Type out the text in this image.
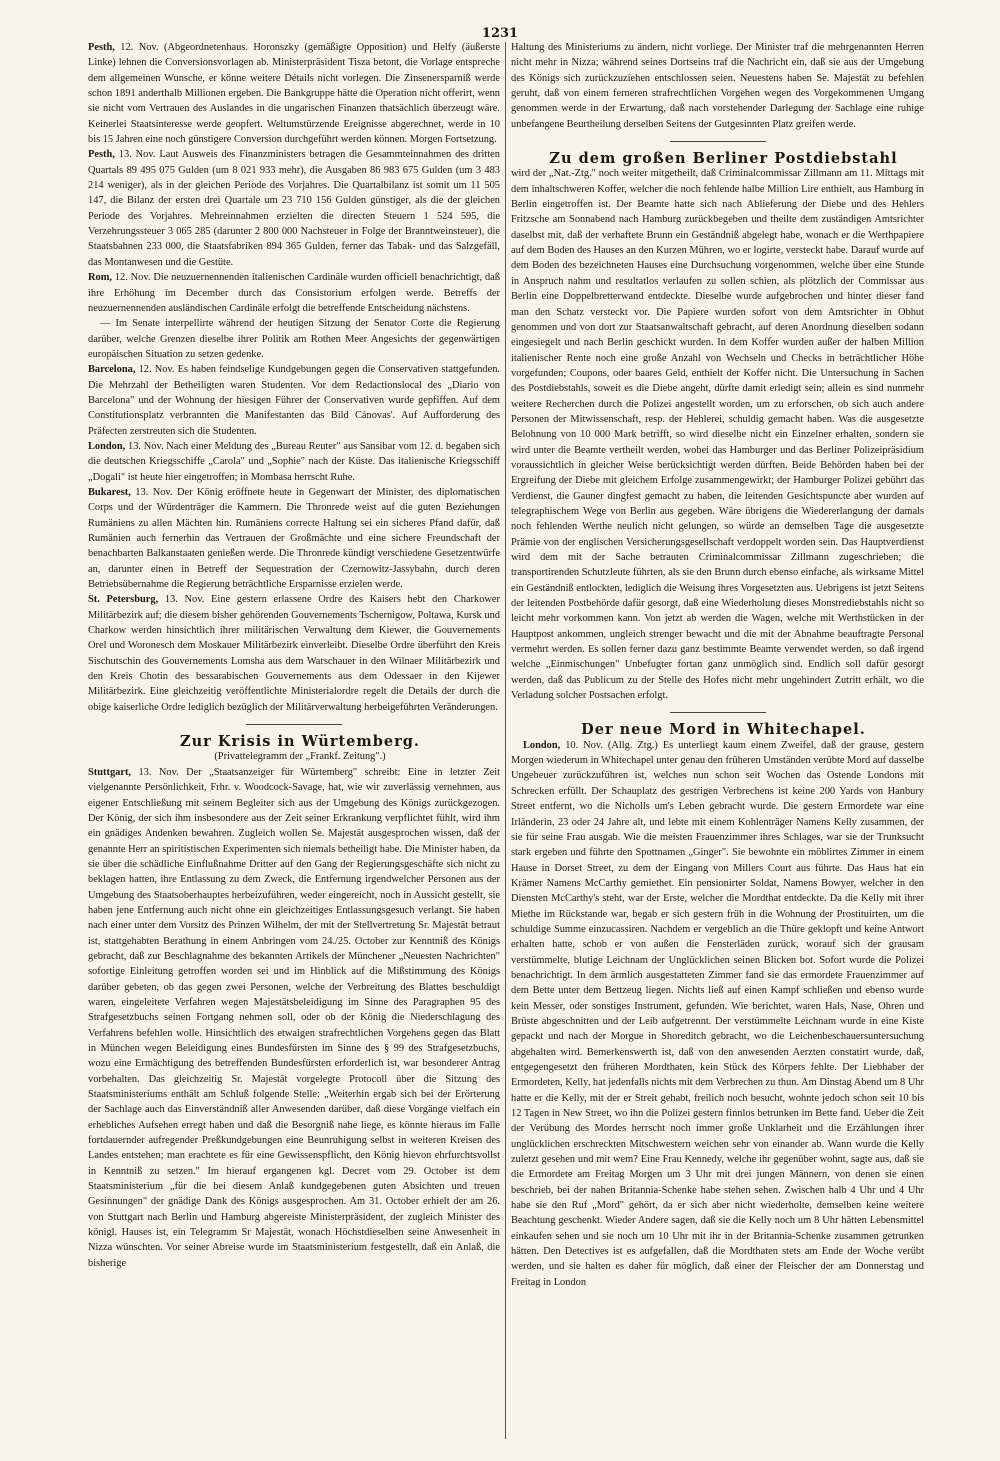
1231

Pesth, 12. Nov. (Abgeordnetenhaus. Horonszky (gemäßigte Opposition) und Helfy (äußerste Linke) lehnen die Conversionsvorlagen ab. Ministerpräsident Tisza betont, die Vorlage entspreche dem allgemeinen Wunsche, er könne weitere Détails nicht vorlegen. Die Zinsenersparniß werde schon 1891 anderthalb Millionen ergeben. Die Bankgruppe hätte die Operation nicht offerirt, wenn sie nicht vom Vertrauen des Auslandes in die ungarischen Finanzen thatsächlich überzeugt wäre. Keinerlei Staatsinteresse werde geopfert. Weltumstürzende Ereignisse abgerechnet, werde in 10 bis 15 Jahren eine noch günstigere Conversion durchgeführt werden können. Morgen Fortsetzung.

Pesth, 13. Nov. Laut Ausweis des Finanzministers betragen die Gesammteinnahmen des dritten Quartals 89 495 075 Gulden (um 8 021 933 mehr), die Ausgaben 86 983 675 Gulden (um 3 483 214 weniger), als in der gleichen Periode des Vorjahres. Die Quartalbilanz ist somit um 11 505 147, die Bilanz der ersten drei Quartale um 23 710 156 Gulden günstiger, als die der gleichen Periode des Vorjahres. Mehreinnahmen erzielten die directen Steuern 1 524 595, die Verzehrungssteuer 3 065 285 (darunter 2 800 000 Nachsteuer in Folge der Branntweinsteuer), die Staatsbahnen 233 000, die Staatsfabriken 894 365 Gulden, ferner das Tabak- und das Salzgefäll, das Montanwesen und die Gestüte.

Rom, 12. Nov. Die neuzuernennenden italienischen Cardinäle wurden officiell benachrichtigt, daß ihre Erhöhung im December durch das Consistorium erfolgen werde. Betreffs der neuzuernennenden ausländischen Cardinäle erfolgt die betreffende Entscheidung nächstens.

— Im Senate interpellirte während der heutigen Sitzung der Senator Corte die Regierung darüber, welche Grenzen dieselbe ihrer Politik am Rothen Meer Angesichts der gegenwärtigen europäischen Situation zu setzen gedenke.

Barcelona, 12. Nov. Es haben feindselige Kundgebungen gegen die Conservativen stattgefunden. Die Mehrzahl der Betheiligten waren Studenten. Vor dem Redactionslocal des „Diario von Barcelona" und der Wohnung der hiesigen Führer der Conservativen wurde gepfiffen. Auf dem Constitutionsplatz verbrannten die Manifestanten das Bild Cánovas'. Auf Aufforderung des Präfecten zerstreuten sich die Studenten.

London, 13. Nov. Nach einer Meldung des „Bureau Reuter" aus Sansibar vom 12. d. begaben sich die deutschen Kriegsschiffe „Carola" und „Sophie" nach der Küste. Das italienische Kriegsschiff „Dogali" ist heute hier eingetroffen; in Mombasa herrscht Ruhe.

Bukarest, 13. Nov. Der König eröffnete heute in Gegenwart der Minister, des diplomatischen Corps und der Würdenträger die Kammern. Die Thronrede weist auf die guten Beziehungen Rumäniens zu allen Mächten hin. Rumäniens correcte Haltung sei ein sicheres Pfand dafür, daß Rumänien auch fernerhin das Vertrauen der Großmächte und eine sichere Freundschaft der benachbarten Balkanstaaten genießen werde. Die Thronrede kündigt verschiedene Gesetzentwürfe an, darunter einen in Betreff der Sequestration der Czernowitz-Jassybahn, durch deren Betriebsübernahme die Regierung beträchtliche Ersparnisse erzielen werde.

St. Petersburg, 13. Nov. Eine gestern erlassene Ordre des Kaisers hebt den Charkower Militärbezirk auf; die diesem bisher gehörenden Gouvernements Tschernigow, Poltawa, Kursk und Charkow werden hinsichtlich ihrer militärischen Verwaltung dem Kiewer, die Gouvernements Orel und Woronesch dem Moskauer Militärbezirk einverleibt. Dieselbe Ordre überführt den Kreis Sischutschin des Gouvernements Lomsha aus dem Warschauer in den Wilnaer Militärbezirk und den Kreis Chotin des bessarabischen Gouvernements aus dem Odessaer in den Kijewer Militärbezirk. Eine gleichzeitig veröffentlichte Ministerialordre regelt die Details der durch die obige kaiserliche Ordre lediglich bezüglich der Militärverwaltung herbeigeführten Veränderungen.

Zur Krisis in Würtemberg.

(Privattelegramm der „Frankf. Zeitung".)

Stuttgart, 13. Nov. Der „Staatsanzeiger für Würtemberg" schreibt: Eine in letzter Zeit vielgenannte Persönlichkeit, Frhr. v. Woodcock-Savage, hat, wie wir zuverlässig vernehmen, aus eigener Entschließung mit seinem Begleiter sich aus der Umgebung des Königs zurückgezogen. Der König, der sich ihm insbesondere aus der Zeit seiner Erkrankung verpflichtet fühlt, wird ihm ein gnädiges Andenken bewahren. Zugleich wollen Se. Majestät ausgesprochen wissen, daß der genannte Herr an spiritistischen Experimenten sich niemals betheiligt habe. Die Minister haben, da sie über die schädliche Einflußnahme Dritter auf den Gang der Regierungsgeschäfte sich nicht zu beklagen hatten, ihre Entlassung zu dem Zweck, die Entfernung irgendwelcher Personen aus der Umgebung des Staatsoberhauptes herbeizuführen, weder eingereicht, noch in Aussicht gestellt, sie haben jene Entfernung auch nicht ohne ein gleichzeitiges Entlassungsgesuch verlangt. Sie haben nach einer unter dem Vorsitz des Prinzen Wilhelm, der mit der Stellvertretung Sr. Majestät betraut ist, stattgehabten Berathung in einem Anbringen vom 24./25. October zur Kenntniß des Königs gebracht, daß zur Beschlagnahme des bekannten Artikels der Münchener „Neuesten Nachrichten" sofortige Einleitung getroffen worden sei und im Hinblick auf die Mißstimmung des Königs darüber gebeten, ob das gegen zwei Personen, welche der Verbreitung des Blattes beschuldigt waren, eingeleitete Verfahren wegen Majestätsbeleidigung im Sinne des Paragraphen 95 des Strafgesetzbuchs seinen Fortgang nehmen soll, oder ob der König die Niederschlagung des Verfahrens befehlen wolle. Hinsichtlich des etwaigen strafrechtlichen Vorgehens gegen das Blatt in München wegen Beleidigung eines Bundesfürsten im Sinne des § 99 des Strafgesetzbuchs, wozu eine Ermächtigung des betreffenden Bundesfürsten erforderlich ist, war besonderer Antrag vorbehalten. Das gleichzeitig Sr. Majestät vorgelegte Protocoll über die Sitzung des Staatsministeriums enthält am Schluß folgende Stelle: „Weiterhin ergab sich bei der Erörterung der Sachlage auch das Einverständniß aller Anwesenden darüber, daß diese Vorgänge vielfach ein erhebliches Aufsehen erregt haben und daß die Besorgniß nahe liege, es könnte hieraus im Falle fortdauernder aufregender Preßkundgebungen eine Beunruhigung selbst in weiteren Kreisen des Landes entstehen; man erachtete es für eine Gewissenspflicht, den König hievon ehrfurchtsvollst in Kenntniß zu setzen." Im hierauf ergangenen kgl. Decret vom 29. October ist dem Staatsministerium „für die bei diesem Anlaß kundgegebenen guten Absichten und treuen Gesinnungen" der gnädige Dank des Königs ausgesprochen. Am 31. October erhielt der am 26. von Stuttgart nach Berlin und Hamburg abgereiste Ministerpräsident, der zugleich Minister des königl. Hauses ist, ein Telegramm Sr Majestät, wonach Höchstdieselben seine Anwesenheit in Nizza wünschten. Vor seiner Abreise wurde im Staatsministerium festgestellt, daß ein Anlaß, die bisherige

Haltung des Ministeriums zu ändern, nicht vorliege. Der Minister traf die mehrgenannten Herren nicht mehr in Nizza; während seines Dortseins traf die Nachricht ein, daß sie aus der Umgebung des Königs sich zurückzuziehen entschlossen seien. Neuestens haben Se. Majestät zu befehlen geruht, daß von einem ferneren strafrechtlichen Vorgehen wegen des Vorgekommenen Umgang genommen werde in der Erwartung, daß nach vorstehender Darlegung der Sachlage eine ruhige unbefangene Beurtheilung derselben Seitens der Gutgesinnten Platz greifen werde.

Zu dem großen Berliner Postdiebstahl

wird der „Nat.-Ztg." noch weiter mitgetheilt, daß Criminalcommissar Zillmann am 11. Mittags mit dem inhaltschweren Koffer, welcher die noch fehlende halbe Million Lire enthielt, aus Hamburg in Berlin eingetroffen ist. Der Beamte hatte sich nach Ablieferung der Diebe und des Hehlers Fritzsche am Sonnabend nach Hamburg zurückbegeben und theilte dem zuständigen Amtsrichter daselbst mit, daß der verhaftete Brunn ein Geständniß abgelegt habe, wonach er die Werthpapiere auf dem Boden des Hauses an den Kurzen Mühren, wo er logirte, versteckt habe. Darauf wurde auf dem Boden des bezeichneten Hauses eine Durchsuchung vorgenommen, welche über eine Stunde in Anspruch nahm und resultatlos verlaufen zu sollen schien, als plötzlich der Commissar aus Berlin eine Doppelbretterwand entdeckte. Dieselbe wurde aufgebrochen und hinter dieser fand man den Schatz versteckt vor. Die Papiere wurden sofort von dem Amtsrichter in Obhut genommen und von dort zur Staatsanwaltschaft gebracht, auf deren Anordnung dieselben sodann eingesiegelt und nach Berlin geschickt wurden. In dem Koffer wurden außer der halben Million italienischer Rente noch eine große Anzahl von Wechseln und Checks in beträchtlicher Höhe vorgefunden; Coupons, oder baares Geld, enthielt der Koffer nicht. Die Untersuchung in Sachen des Postdiebstahls, soweit es die Diebe angeht, dürfte damit erledigt sein; allein es sind nunmehr weitere Recherchen durch die Polizei angestellt worden, um zu erforschen, ob sich auch andere Personen der Mitwissenschaft, resp. der Hehlerei, schuldig gemacht haben. Was die ausgesetzte Belohnung von 10 000 Mark betrifft, so wird dieselbe nicht ein Einzelner erhalten, sondern sie wird unter die Beamte vertheilt werden, wobei das Hamburger und das Berliner Polizeipräsidium voraussichtlich in gleicher Weise berücksichtigt werden dürften. Beide Behörden haben bei der Ergreifung der Diebe mit gleichem Erfolge zusammengewirkt; der Hamburger Polizei gebührt das Verdienst, die Gauner dingfest gemacht zu haben, die leitenden Gesichtspuncte aber wurden auf telegraphischem Wege von Berlin aus gegeben. Wäre übrigens die Wiedererlangung der damals noch fehlenden Werthe neulich nicht gelungen, so würde an demselben Tage die ausgesetzte Prämie von der englischen Versicherungsgesellschaft verdoppelt worden sein. Das Hauptverdienst wird dem mit der Sache betrauten Criminalcommissar Zillmann zugeschrieben; die transportirenden Schutzleute führten, als sie den Brunn durch ebenso einfache, als wirksame Mittel ein Geständniß entlockten, lediglich die Weisung ihres Vorgesetzten aus. Uebrigens ist jetzt Seitens der leitenden Postbehörde dafür gesorgt, daß eine Wiederholung dieses Monstrediebstahls nicht so leicht mehr vorkommen kann. Von jetzt ab werden die Wagen, welche mit Werthstücken in der Hauptpost ankommen, ungleich strenger bewacht und die mit der Abnahme beauftragte Personal vermehrt werden. Es sollen ferner dazu ganz bestimmte Beamte verwendet werden, so daß irgend welche „Einmischungen" Unbefugter fortan ganz unmöglich sind. Endlich soll dafür gesorgt werden, daß das Publicum zu der Stelle des Hofes nicht mehr ungehindert Zutritt erhält, wo die Verladung solcher Postsachen erfolgt.

Der neue Mord in Whitechapel.

London, 10. Nov. (Allg. Ztg.) Es unterliegt kaum einem Zweifel, daß der grause, gestern Morgen wiederum in Whitechapel unter genau den früheren Umständen verübte Mord auf dasselbe Ungeheuer zurückzuführen ist, welches nun schon seit Wochen das Ostende Londons mit Schrecken erfüllt. Der Schauplatz des gestrigen Verbrechens ist keine 200 Yards von Hanbury Street entfernt, wo die Nicholls um's Leben gebracht wurde. Die gestern Ermordete war eine Irländerin, 23 oder 24 Jahre alt, und lebte mit einem Kohlenträger Namens Kelly zusammen, der sie für seine Frau ausgab. Wie die meisten Frauenzimmer ihres Schlages, war sie der Trunksucht stark ergeben und führte den Spottnamen „Ginger". Sie bewohnte ein möblirtes Zimmer in einem Hause in Dorset Street, zu dem der Eingang von Millers Court aus führte. Das Haus hat ein Krämer Namens McCarthy gemiethet. Ein pensionirter Soldat, Namens Bowyer, welcher in den Diensten McCarthy's steht, war der Erste, welcher die Mordthat entdeckte. Da die Kelly mit ihrer Miethe im Rückstande war, begab er sich gestern früh in die Wohnung der Prostituirten, um die schuldige Summe einzucassiren. Nachdem er vergeblich an die Thüre geklopft und keine Antwort erhalten hatte, schob er von außen die Fensterläden zurück, worauf sich der grausam verstümmelte, blutige Leichnam der Unglücklichen seinen Blicken bot. Sofort wurde die Polizei benachrichtigt. In dem ärmlich ausgestatteten Zimmer fand sie das ermordete Frauenzimmer auf dem Bette unter dem Bettzeug liegen. Nichts ließ auf einen Kampf schließen und ebenso wurde kein Messer, oder sonstiges Instrument, gefunden. Wie berichtet, waren Hals, Nase, Ohren und Brüste abgeschnitten und der Leib aufgetrennt. Der verstümmelte Leichnam wurde in eine Kiste gepackt und nach der Morgue in Shoreditch gebracht, wo die Leichenbeschauersuntersuchung abgehalten wird. Bemerkenswerth ist, daß von den anwesenden Aerzten constatirt wurde, daß, entgegengesetzt den früheren Mordthaten, kein Stück des Körpers fehlte. Der Liebhaber der Ermordeten, Kelly, hat jedenfalls nichts mit dem Verbrechen zu thun. Am Dinstag Abend um 8 Uhr hatte er die Kelly, mit der er Streit gehabt, freilich noch besucht, wohnte jedoch schon seit 10 bis 12 Tagen in New Street, wo ihn die Polizei gestern finnlos betrunken im Bette fand. Ueber die Zeit der Verübung des Mordes herrscht noch immer große Unklarheit und die Erzählungen ihrer unglücklichen erschreckten Mitschwestern weichen sehr von einander ab. Wann wurde die Kelly zuletzt gesehen und mit wem? Eine Frau Kennedy, welche ihr gegenüber wohnt, sagte aus, daß sie die Ermordete am Freitag Morgen um 3 Uhr mit drei jungen Männern, von denen sie einen beschrieb, bei der nahen Britannia-Schenke habe stehen sehen. Zwischen halb 4 Uhr und 4 Uhr habe sie den Ruf „Mord" gehört, da er sich aber nicht wiederholte, demselben keine weitere Beachtung geschenkt. Wieder Andere sagen, daß sie die Kelly noch um 8 Uhr hätten Lebensmittel einkaufen sehen und sie noch um 10 Uhr mit ihr in der Britannia-Schenke zusammen getrunken hätten. Den Detectives ist es aufgefallen, daß die Mordthaten stets am Ende der Woche verübt werden, und sie halten es daher für möglich, daß einer der Fleischer der am Donnerstag und Freitag in London
